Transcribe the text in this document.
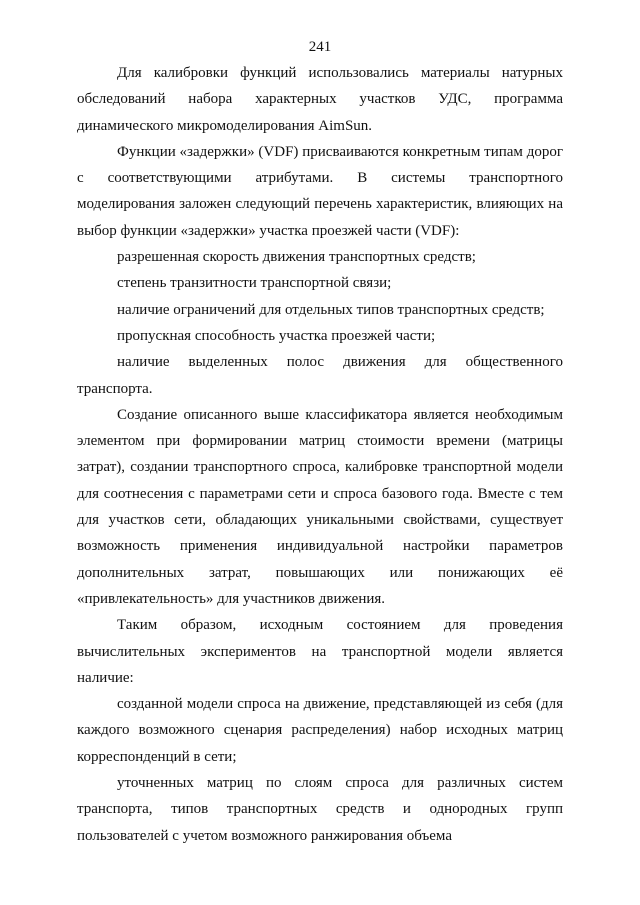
241

Для калибровки функций использовались материалы натурных обследований набора характерных участков УДС, программа динамического микромоделирования AimSun.

Функции «задержки» (VDF) присваиваются конкретным типам дорог с соответствующими атрибутами. В системы транспортного моделирования заложен следующий перечень характеристик, влияющих на выбор функции «задержки» участка проезжей части (VDF):

разрешенная скорость движения транспортных средств;

степень транзитности транспортной связи;

наличие ограничений для отдельных типов транспортных средств;

пропускная способность участка проезжей части;

наличие выделенных полос движения для общественного транспорта.

Создание описанного выше классификатора является необходимым элементом при формировании матриц стоимости времени (матрицы затрат), создании транспортного спроса, калибровке транспортной модели для соотнесения с параметрами сети и спроса базового года. Вместе с тем для участков сети, обладающих уникальными свойствами, существует возможность применения индивидуальной настройки параметров дополнительных затрат, повышающих или понижающих её «привлекательность» для участников движения.

Таким образом, исходным состоянием для проведения вычислительных экспериментов на транспортной модели является наличие:

созданной модели спроса на движение, представляющей из себя (для каждого возможного сценария распределения) набор исходных матриц корреспонденций в сети;

уточненных матриц по слоям спроса для различных систем транспорта, типов транспортных средств и однородных групп пользователей с учетом возможного ранжирования объема
